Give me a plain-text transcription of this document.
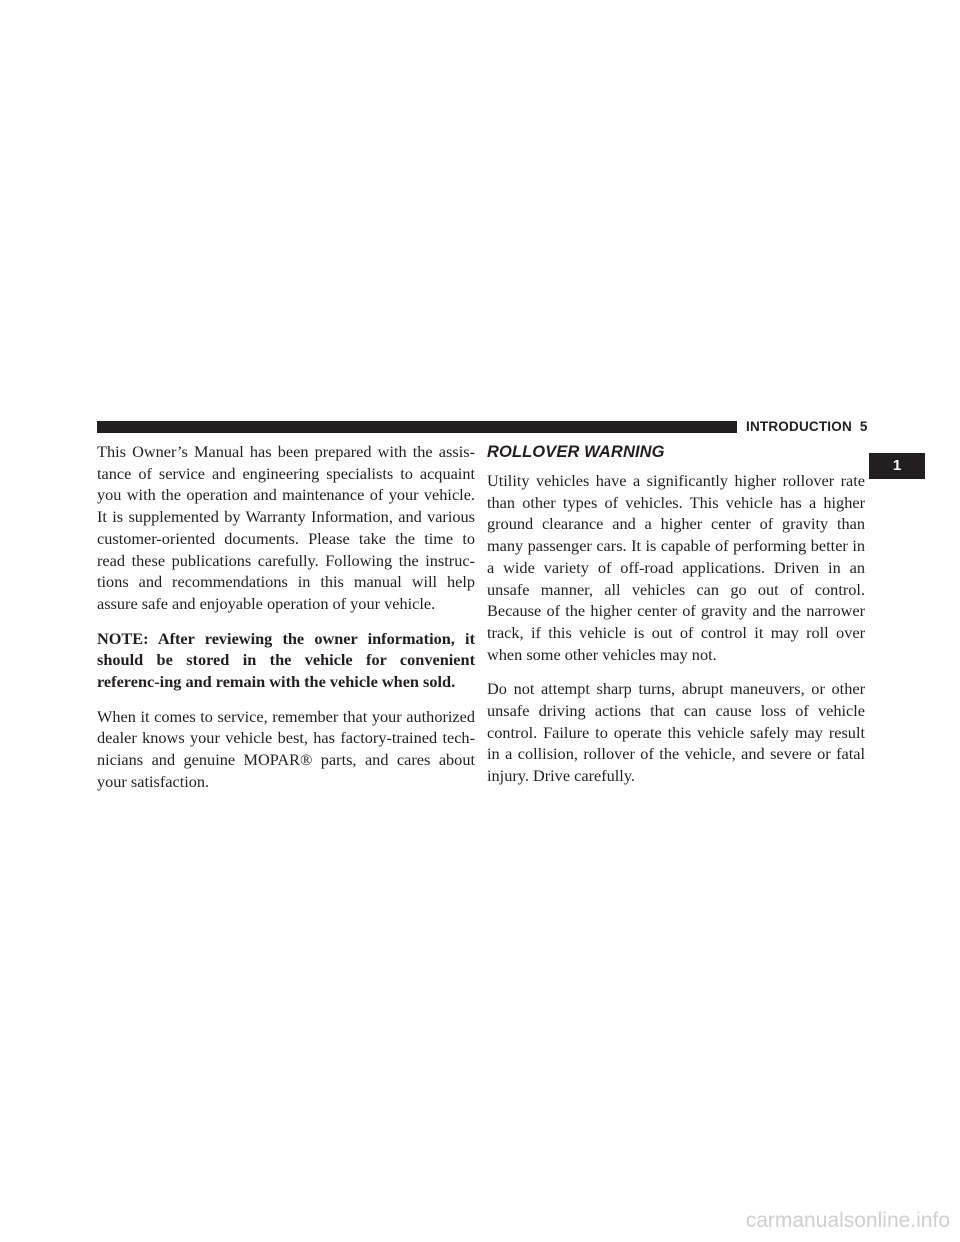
INTRODUCTION 5
1

This Owner’s Manual has been prepared with the assis-tance of service and engineering specialists to acquaint you with the operation and maintenance of your vehicle. It is supplemented by Warranty Information, and various customer-oriented documents. Please take the time to read these publications carefully. Following the instruc-tions and recommendations in this manual will help assure safe and enjoyable operation of your vehicle.

NOTE: After reviewing the owner information, it should be stored in the vehicle for convenient referenc-ing and remain with the vehicle when sold.

When it comes to service, remember that your authorized dealer knows your vehicle best, has factory-trained tech-nicians and genuine MOPAR® parts, and cares about your satisfaction.

ROLLOVER WARNING

Utility vehicles have a significantly higher rollover rate than other types of vehicles. This vehicle has a higher ground clearance and a higher center of gravity than many passenger cars. It is capable of performing better in a wide variety of off-road applications. Driven in an unsafe manner, all vehicles can go out of control. Because of the higher center of gravity and the narrower track, if this vehicle is out of control it may roll over when some other vehicles may not.

Do not attempt sharp turns, abrupt maneuvers, or other unsafe driving actions that can cause loss of vehicle control. Failure to operate this vehicle safely may result in a collision, rollover of the vehicle, and severe or fatal injury. Drive carefully.

carmanualsonline.info
